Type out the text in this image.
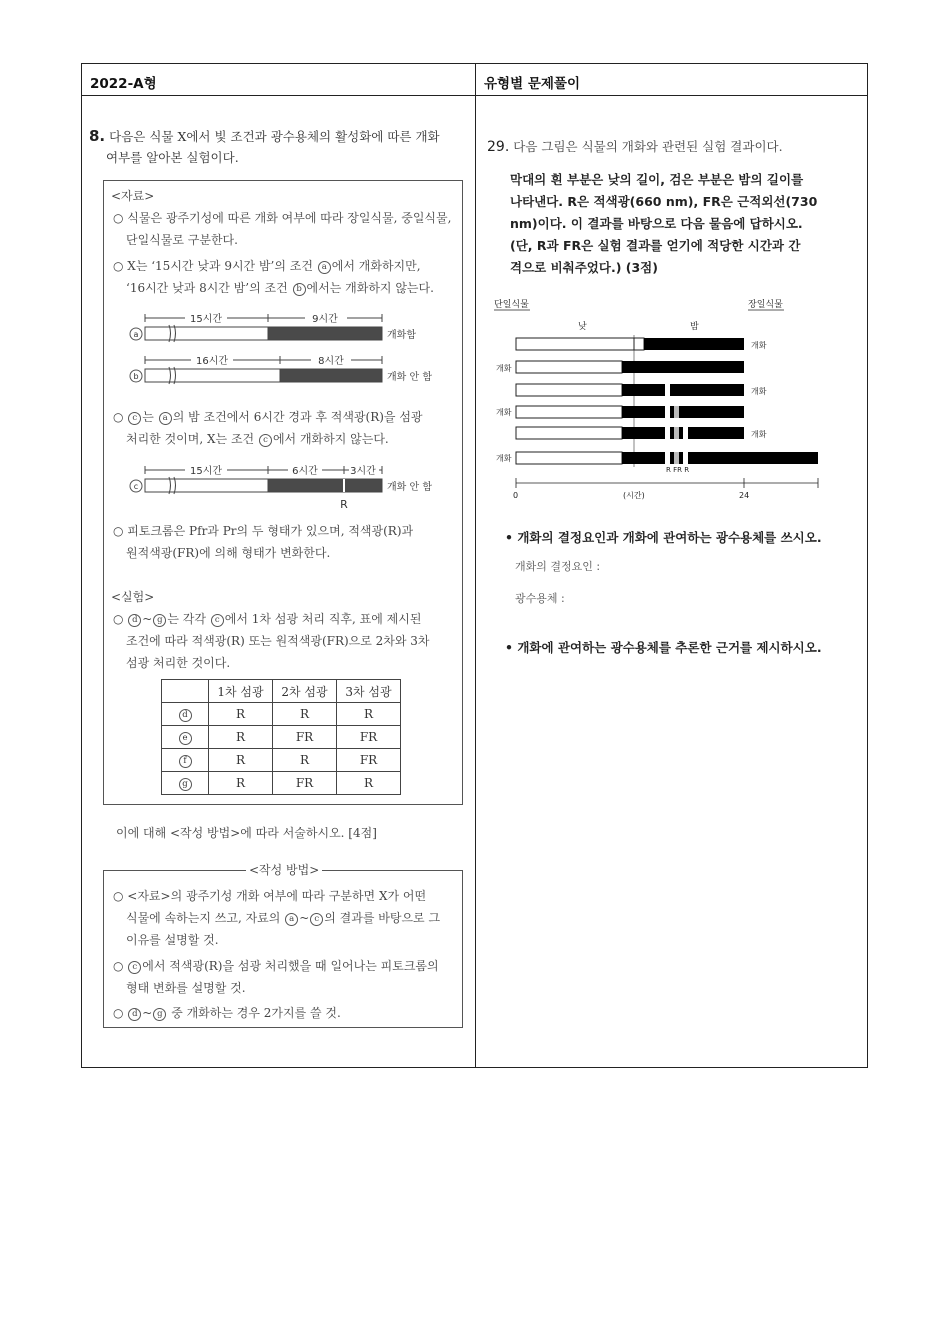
2022-A형	유형별 문제풀이
8. 다음은 식물 X에서 빛 조건과 광수용체의 활성화에 따른 개화
여부를 알아본 실험이다.
<자료>
○ 식물은 광주기성에 따른 개화 여부에 따라 장일식물, 중일식물,
단일식물로 구분한다.
○ X는 ‘15시간 낮과 9시간 밤’의 조건 a 에서 개화하지만,
‘16시간 낮과 8시간 밤’의 조건 b 에서는 개화하지 않는다.
15시간	9시간
a	개화함
16시간	8시간
b	개화 안 함
○ c 는 a 의 밤 조건에서 6시간 경과 후 적색광(R)을 섬광
처리한 것이며, X는 조건 c 에서 개화하지 않는다.
15시간	6시간	3시간
c
R
개화 안 함
○ 피토크롬은 Pfr과 Pr의 두 형태가 있으며, 적색광(R)과
원적색광(FR)에 의해 형태가 변화한다.
<실험>
○ d ~ g 는 각각 c 에서 1차 섬광 처리 직후, 표에 제시된
조건에 따라 적색광(R) 또는 원적색광(FR)으로 2차와 3차
섬광 처리한 것이다.
	1차 섬광	2차 섬광	3차 섬광
d	R	R	R
e	R	FR	FR
f	R	R	FR
g	R	FR	R
이에 대해 <작성 방법>에 따라 서술하시오. [4점]
<작성 방법>
○ <자료>의 광주기성 개화 여부에 따라 구분하면 X가 어떤
식물에 속하는지 쓰고, 자료의 a ~ c 의 결과를 바탕으로 그
이유를 설명할 것.
○ c 에서 적색광(R)을 섬광 처리했을 때 일어나는 피토크롬의
형태 변화를 설명할 것.
○ d ~ g 중 개화하는 경우 2가지를 쓸 것.
29. 다음 그림은 식물의 개화와 관련된 실험 결과이다.
막대의 흰 부분은 낮의 길이, 검은 부분은 밤의 길이를
나타낸다. R은 적색광(660 nm), FR은 근적외선(730
nm)이다. 이 결과를 바탕으로 다음 물음에 답하시오.
(단, R과 FR은 실험 결과를 얻기에 적당한 시간과 간
격으로 비춰주었다.) (3점)
단일식물	장일식물
낮	밤
개화
개화
개화
개화
개화
개화
R FR R
0	(시간)	24
• 개화의 결정요인과 개화에 관여하는 광수용체를 쓰시오.
개화의 결정요인 :
광수용체 :
• 개화에 관여하는 광수용체를 추론한 근거를 제시하시오.
